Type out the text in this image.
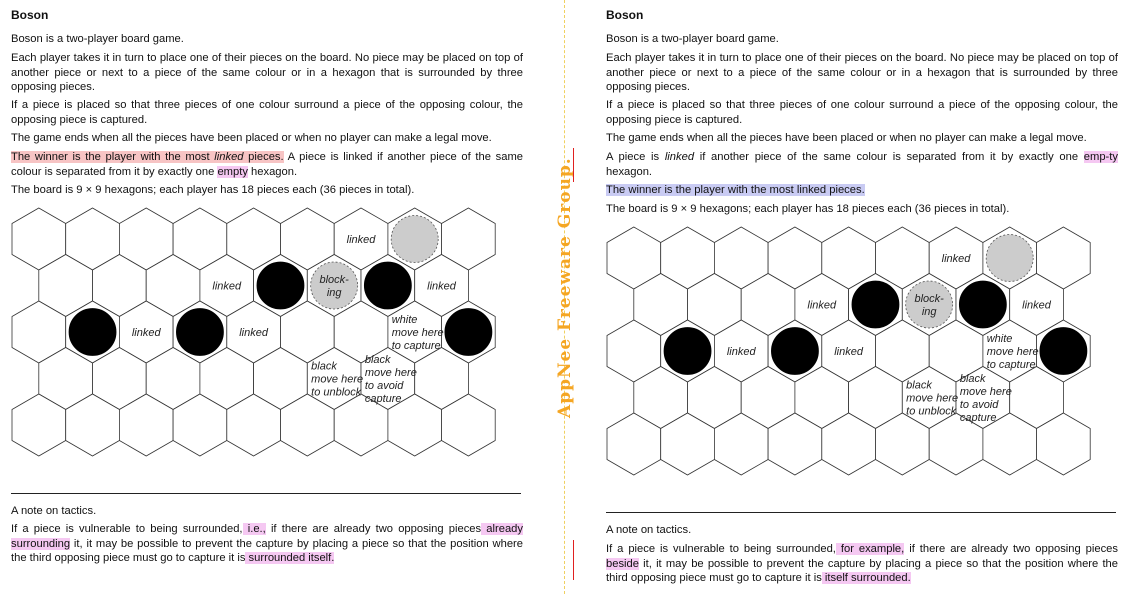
AppNee Freeware Group.
Boson
Boson is a two-player board game.
Each player takes it in turn to place one of their pieces on the board. No piece may be placed on top of another piece or next to a piece of the same colour or in a hexagon that is surrounded by three opposing pieces.
If a piece is placed so that three pieces of one colour surround a piece of the opposing colour, the opposing piece is captured.
The game ends when all the pieces have been placed or when no player can make a legal move.
The winner is the player with the most linked pieces. A piece is linked if another piece of the same colour is separated from it by exactly one empty hexagon.
The board is 9 × 9 hexagons; each player has 18 pieces each (36 pieces in total).
linked
linked
block-
ing
linked
linked	linked
white
move here
to capture
black
move here
to unblock
black
move here
to avoid
capture
A note on tactics.
If a piece is vulnerable to being surrounded, i.e., if there are already two opposing pieces already surrounding it, it may be possible to prevent the capture by placing a piece so that the position where the third opposing piece must go to capture it is surrounded itself.
Boson
Boson is a two-player board game.
Each player takes it in turn to place one of their pieces on the board. No piece may be placed on top of another piece or next to a piece of the same colour or in a hexagon that is surrounded by three opposing pieces.
If a piece is placed so that three pieces of one colour surround a piece of the opposing colour, the opposing piece is captured.
The game ends when all the pieces have been placed or when no player can make a legal move.
A piece is linked if another piece of the same colour is separated from it by exactly one emp-ty hexagon.
The winner is the player with the most linked pieces.
The board is 9 × 9 hexagons; each player has 18 pieces each (36 pieces in total).
linked
linked
block-
ing
linked
linked	linked
white
move here
to capture
black
move here
to unblock
black
move here
to avoid
capture
A note on tactics.
If a piece is vulnerable to being surrounded, for example, if there are already two opposing pieces beside it, it may be possible to prevent the capture by placing a piece so that the position where the third opposing piece must go to capture it is itself surrounded.
